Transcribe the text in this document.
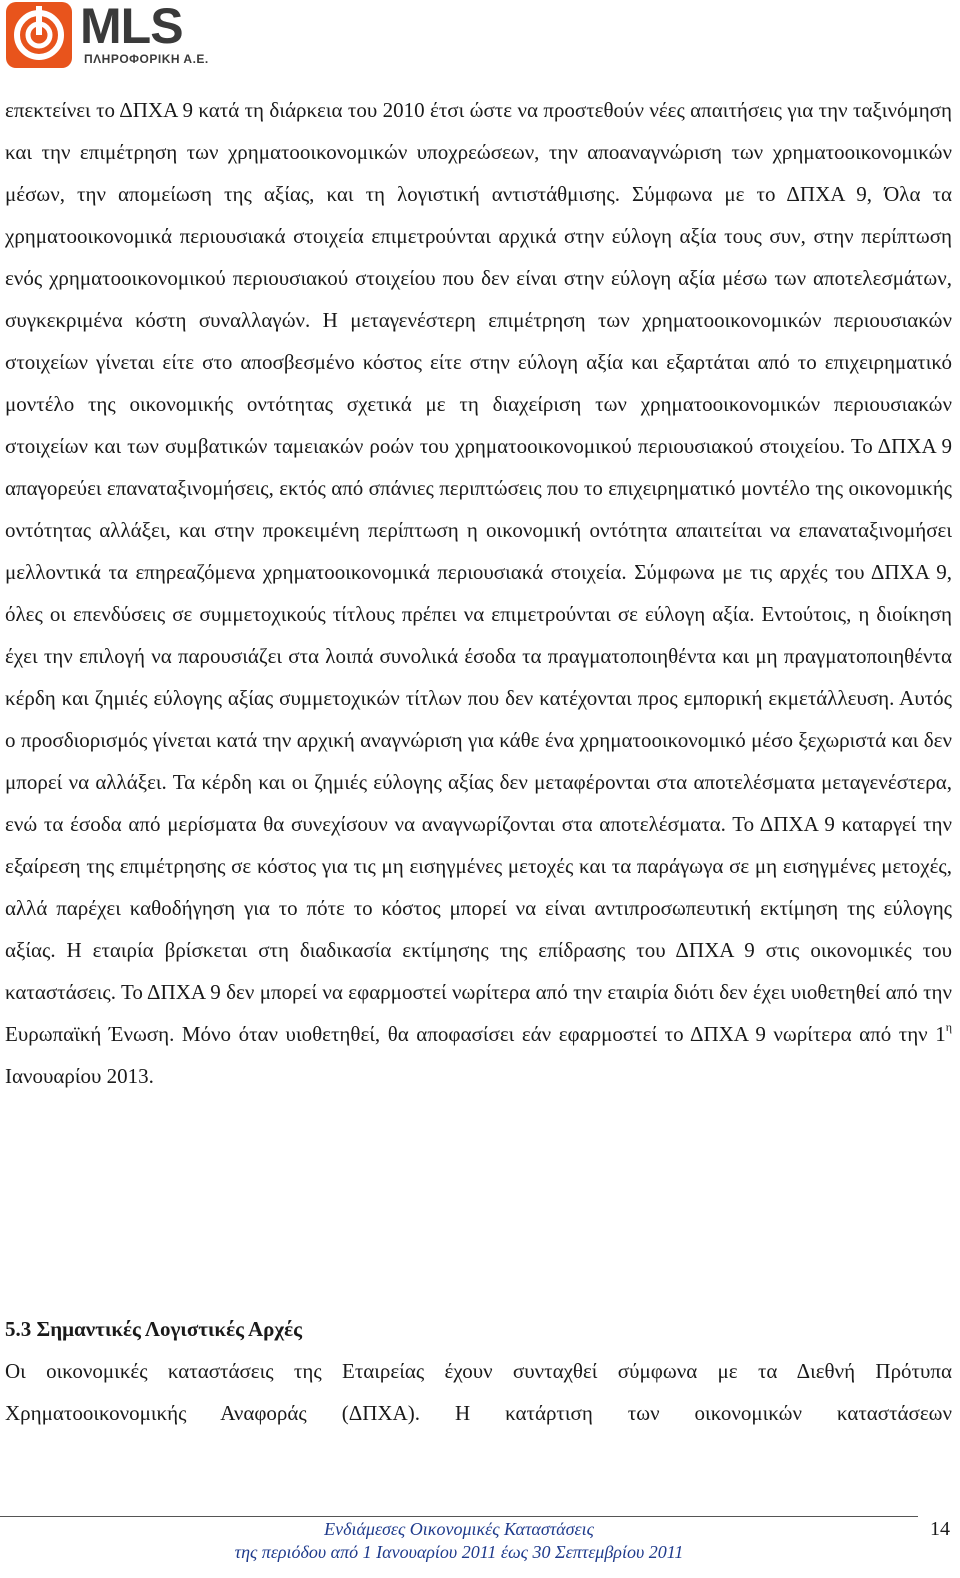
MLS
ΠΛΗΡΟΦΟΡΙΚΗ Α.Ε.

επεκτείνει το ΔΠΧΑ 9 κατά τη διάρκεια του 2010 έτσι ώστε να προστεθούν νέες απαιτήσεις για την ταξινόμηση και την επιμέτρηση των χρηματοοικονομικών υποχρεώσεων, την αποαναγνώριση των χρηματοοικονομικών μέσων, την απομείωση της αξίας, και τη λογιστική αντιστάθμισης. Σύμφωνα με το ΔΠΧΑ 9, Όλα τα χρηματοοικονομικά περιουσιακά στοιχεία επιμετρούνται αρχικά στην εύλογη αξία τους συν, στην περίπτωση ενός χρηματοοικονομικού περιουσιακού στοιχείου που δεν είναι στην εύλογη αξία μέσω των αποτελεσμάτων, συγκεκριμένα κόστη συναλλαγών. Η μεταγενέστερη επιμέτρηση των χρηματοοικονομικών περιουσιακών στοιχείων γίνεται είτε στο αποσβεσμένο κόστος είτε στην εύλογη αξία και εξαρτάται από το επιχειρηματικό μοντέλο της οικονομικής οντότητας σχετικά με τη διαχείριση των χρηματοοικονομικών περιουσιακών στοιχείων και των συμβατικών ταμειακών ροών του χρηματοοικονομικού περιουσιακού στοιχείου. Το ΔΠΧΑ 9 απαγορεύει επαναταξινομήσεις, εκτός από σπάνιες περιπτώσεις που το επιχειρηματικό μοντέλο της οικονομικής οντότητας αλλάξει, και στην προκειμένη περίπτωση η οικονομική οντότητα απαιτείται να επαναταξινομήσει μελλοντικά τα επηρεαζόμενα χρηματοοικονομικά περιουσιακά στοιχεία. Σύμφωνα με τις αρχές του ΔΠΧΑ 9, όλες οι επενδύσεις σε συμμετοχικούς τίτλους πρέπει να επιμετρούνται σε εύλογη αξία. Εντούτοις, η διοίκηση έχει την επιλογή να παρουσιάζει στα λοιπά συνολικά έσοδα τα πραγματοποιηθέντα και μη πραγματοποιηθέντα κέρδη και ζημιές εύλογης αξίας συμμετοχικών τίτλων που δεν κατέχονται προς εμπορική εκμετάλλευση. Αυτός ο προσδιορισμός γίνεται κατά την αρχική αναγνώριση για κάθε ένα χρηματοοικονομικό μέσο ξεχωριστά και δεν μπορεί να αλλάξει. Τα κέρδη και οι ζημιές εύλογης αξίας δεν μεταφέρονται στα αποτελέσματα μεταγενέστερα, ενώ τα έσοδα από μερίσματα θα συνεχίσουν να αναγνωρίζονται στα αποτελέσματα. Το ΔΠΧΑ 9 καταργεί την εξαίρεση της επιμέτρησης σε κόστος για τις μη εισηγμένες μετοχές και τα παράγωγα σε μη εισηγμένες μετοχές, αλλά παρέχει καθοδήγηση για το πότε το κόστος μπορεί να είναι αντιπροσωπευτική εκτίμηση της εύλογης αξίας. Η εταιρία βρίσκεται στη διαδικασία εκτίμησης της επίδρασης του ΔΠΧΑ 9 στις οικονομικές του καταστάσεις. Το ΔΠΧΑ 9 δεν μπορεί να εφαρμοστεί νωρίτερα από την εταιρία διότι δεν έχει υιοθετηθεί από την Ευρωπαϊκή Ένωση. Μόνο όταν υιοθετηθεί, θα αποφασίσει εάν εφαρμοστεί το ΔΠΧΑ 9 νωρίτερα από την $1^\eta$ Ιανουαρίου 2013.

5.3 Σημαντικές Λογιστικές Αρχές

Οι οικονομικές καταστάσεις της Εταιρείας έχουν συνταχθεί σύμφωνα με τα Διεθνή Πρότυπα Χρηματοοικονομικής Αναφοράς (ΔΠΧΑ). Η κατάρτιση των οικονομικών καταστάσεων

Ενδιάμεσες Οικονομικές Καταστάσεις
της περιόδου από 1 Ιανουαρίου 2011 έως 30 Σεπτεμβρίου 2011
14
